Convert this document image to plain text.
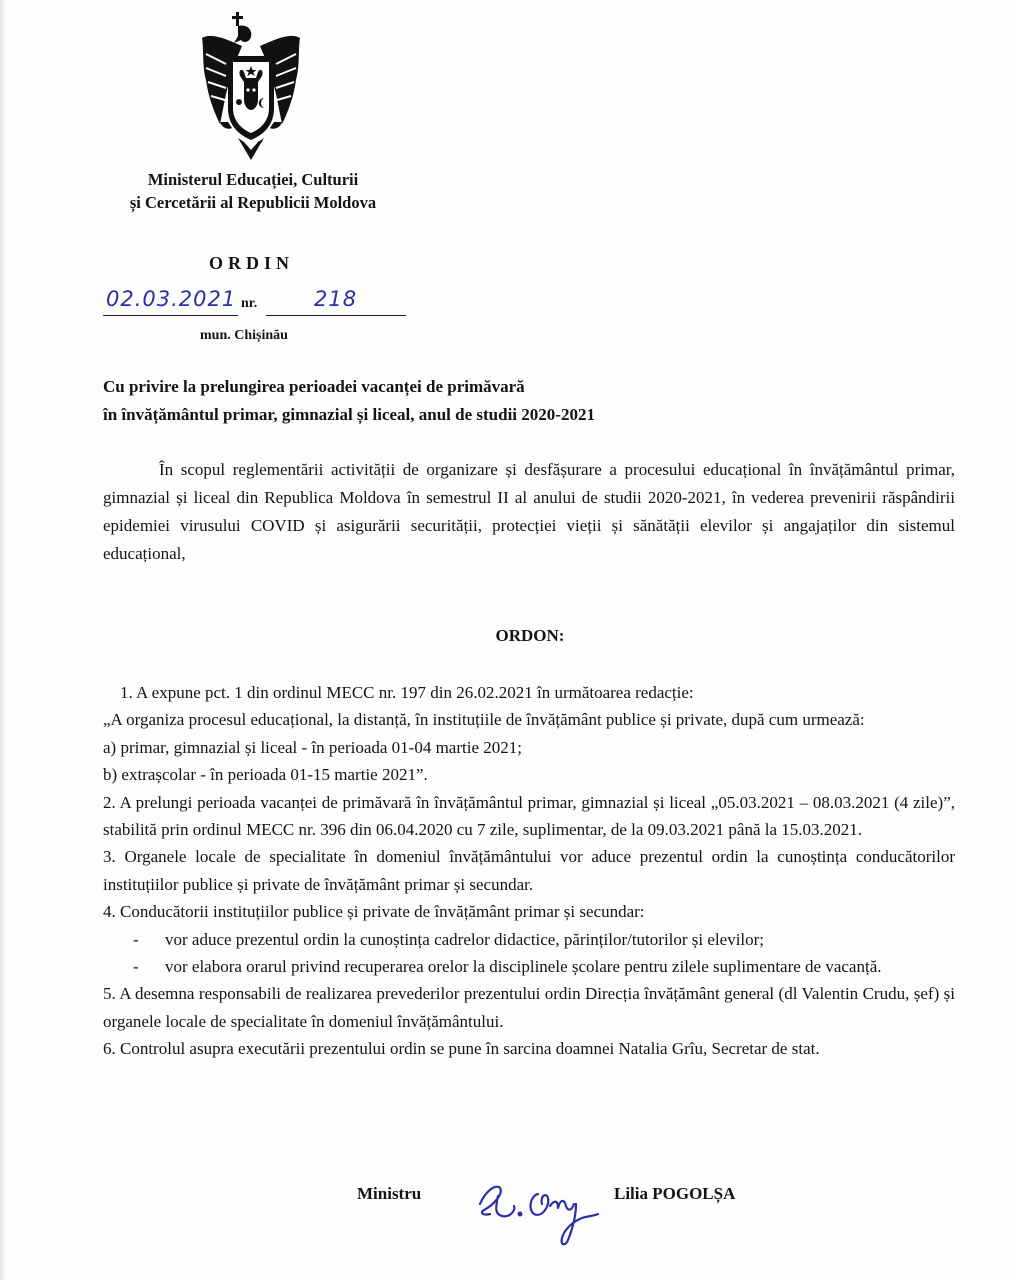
Ministerul Educației, Culturii
și Cercetării al Republicii Moldova
ORDIN
02.03.2021 nr.	218
mun. Chișinău
Cu privire la prelungirea perioadei vacanței de primăvară
în învățământul primar, gimnazial și liceal, anul de studii 2020-2021

În scopul reglementării activității de organizare și desfășurare a procesului educațional în învățământul primar, gimnazial și liceal din Republica Moldova în semestrul II al anului de studii 2020-2021, în vederea prevenirii răspândirii epidemiei virusului COVID și asigurării securității, protecției vieții și sănătății elevilor și angajaților din sistemul educațional,

ORDON:

1. A expune pct. 1 din ordinul MECC nr. 197 din 26.02.2021 în următoarea redacție:

„A organiza procesul educațional, la distanță, în instituțiile de învățământ publice și private, după cum urmează:

a) primar, gimnazial și liceal - în perioada 01-04 martie 2021;

b) extrașcolar - în perioada 01-15 martie 2021”.

2. A prelungi perioada vacanței de primăvară în învățământul primar, gimnazial și liceal „05.03.2021 – 08.03.2021 (4 zile)”, stabilită prin ordinul MECC nr. 396 din 06.04.2020 cu 7 zile, suplimentar, de la 09.03.2021 până la 15.03.2021.

3. Organele locale de specialitate în domeniul învățământului vor aduce prezentul ordin la cunoștința conducătorilor instituțiilor publice și private de învățământ primar și secundar.

4. Conducătorii instituțiilor publice și private de învățământ primar și secundar:

- vor aduce prezentul ordin la cunoștința cadrelor didactice, părinților/tutorilor și elevilor;
- vor elabora orarul privind recuperarea orelor la disciplinele școlare pentru zilele suplimentare de vacanță.

5. A desemna responsabili de realizarea prevederilor prezentului ordin Direcția învățământ general (dl Valentin Crudu, șef) și organele locale de specialitate în domeniul învățământului.

6. Controlul asupra executării prezentului ordin se pune în sarcina doamnei Natalia Grîu, Secretar de stat.

Ministru	Lilia POGOLȘA
